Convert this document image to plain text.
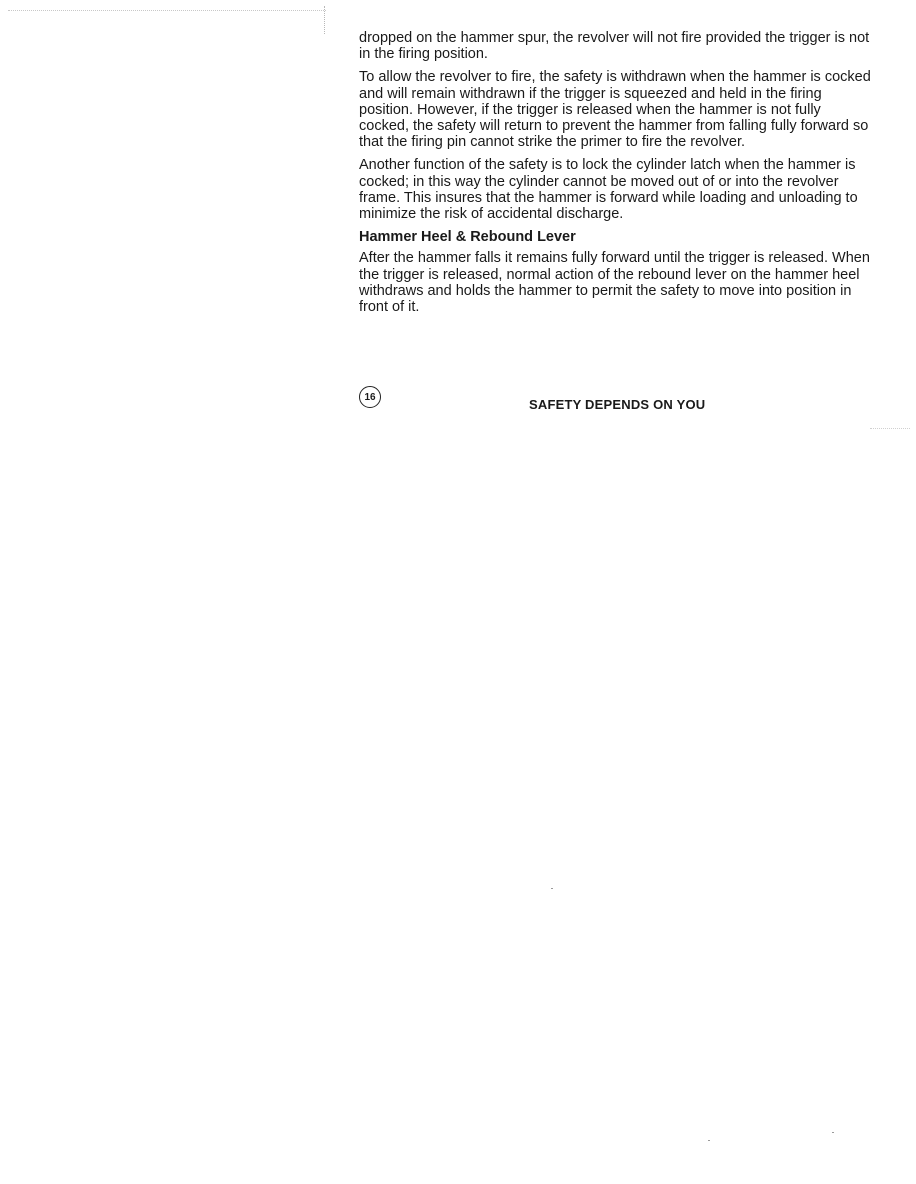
dropped on the hammer spur, the revolver will not fire provided the trigger is not in the firing position.

To allow the revolver to fire, the safety is withdrawn when the hammer is cocked and will remain withdrawn if the trigger is squeezed and held in the firing position. However, if the trigger is released when the hammer is not fully cocked, the safety will return to prevent the hammer from falling fully forward so that the firing pin cannot strike the primer to fire the revolver.

Another function of the safety is to lock the cylinder latch when the hammer is cocked; in this way the cylinder cannot be moved out of or into the revolver frame. This insures that the hammer is forward while loading and unloading to minimize the risk of accidental discharge.

Hammer Heel & Rebound Lever

After the hammer falls it remains fully forward until the trigger is released. When the trigger is released, normal action of the rebound lever on the hammer heel withdraws and holds the hammer to permit the safety to move into position in front of it.

16	SAFETY DEPENDS ON YOU
